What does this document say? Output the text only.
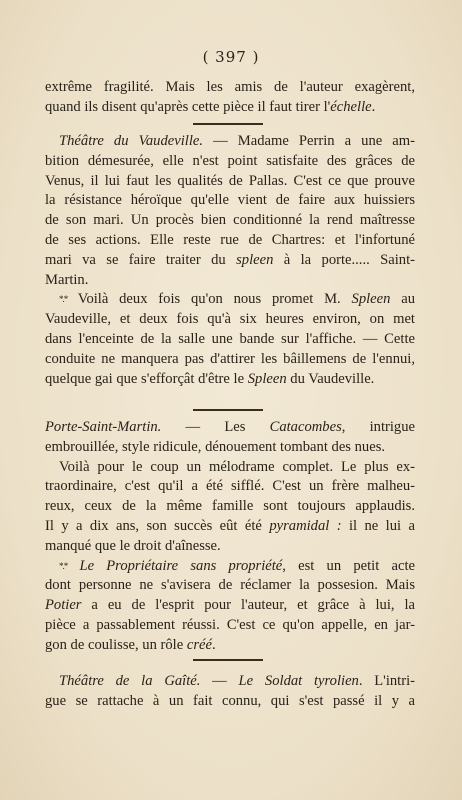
( 397 )
extrême fragilité. Mais les amis de l'auteur exagèrent,
quand ils disent qu'après cette pièce il faut tirer l'échelle.
Théâtre du Vaudeville. — Madame Perrin a une am-
bition démesurée, elle n'est point satisfaite des grâces de
Venus, il lui faut les qualités de Pallas. C'est ce que prouve
la résistance héroïque qu'elle vient de faire aux huissiers
de son mari. Un procès bien conditionné la rend maîtresse
de ses actions. Elle reste rue de Chartres: et l'infortuné
mari va se faire traiter du spleen à la porte..... Saint-
Martin.
*.* Voilà deux fois qu'on nous promet M. Spleen au
Vaudeville, et deux fois qu'à six heures environ, on met
dans l'enceinte de la salle une bande sur l'affiche. — Cette
conduite ne manquera pas d'attirer les bâillemens de l'ennui,
quelque gai que s'efforçât d'être le Spleen du Vaudeville.
Porte-Saint-Martin. — Les Catacombes, intrigue
embrouillée, style ridicule, dénouement tombant des nues.
Voilà pour le coup un mélodrame complet. Le plus ex-
traordinaire, c'est qu'il a été sifflé. C'est un frère malheu-
reux, ceux de la même famille sont toujours applaudis.
Il y a dix ans, son succès eût été pyramidal : il ne lui a
manqué que le droit d'aînesse.
*.* Le Propriétaire sans propriété, est un petit acte
dont personne ne s'avisera de réclamer la possesion. Mais
Potier a eu de l'esprit pour l'auteur, et grâce à lui, la
pièce a passablement réussi. C'est ce qu'on appelle, en jar-
gon de coulisse, un rôle créé.
Théâtre de la Gaîté. — Le Soldat tyrolien. L'intri-
gue se rattache à un fait connu, qui s'est passé il y a
